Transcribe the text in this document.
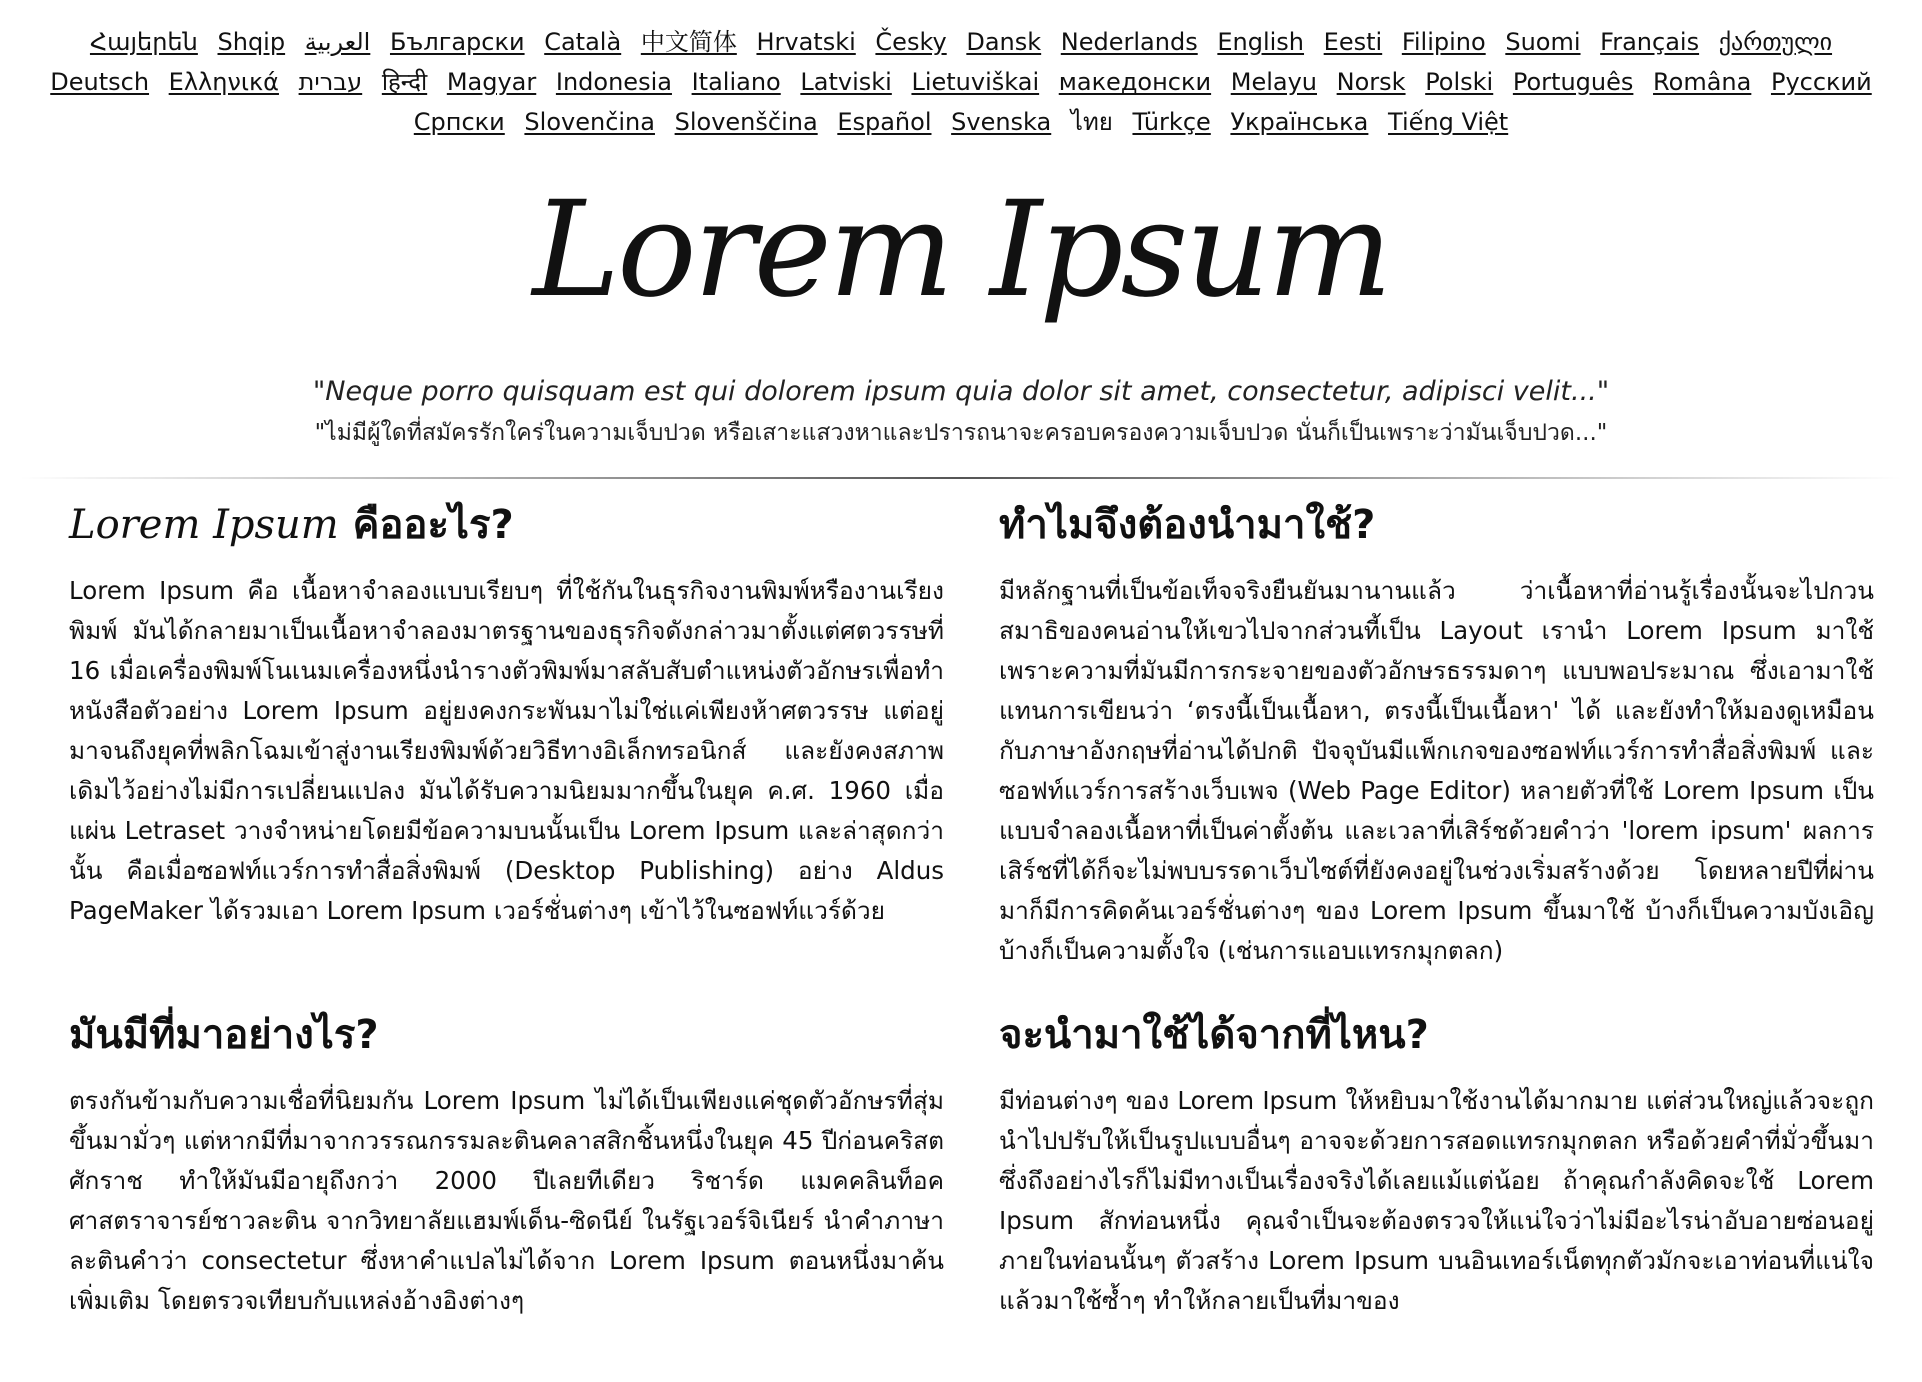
Հայերեն Shqip العربية Български Català 中文简体 Hrvatski Česky Dansk Nederlands English Eesti Filipino Suomi Français ქართული Deutsch Ελληνικά עברית हिन्दी Magyar Indonesia Italiano Latviski Lietuviškai македонски Melayu Norsk Polski Português Româna Pyccкий Српски Slovenčina Slovenščina Español Svenska ไทย Türkçe Українська Tiếng Việt
Lorem Ipsum
"Neque porro quisquam est qui dolorem ipsum quia dolor sit amet, consectetur, adipisci velit..."
"ไม่มีผู้ใดที่สมัครรักใคร่ในความเจ็บปวด หรือเสาะแสวงหาและปรารถนาจะครอบครองความเจ็บปวด นั่นก็เป็นเพราะว่ามันเจ็บปวด..."
Lorem Ipsum คืออะไร?

Lorem Ipsum คือ เนื้อหาจำลองแบบเรียบๆ ที่ใช้กันในธุรกิจงานพิมพ์หรืองานเรียงพิมพ์ มันได้กลายมาเป็นเนื้อหาจำลองมาตรฐานของธุรกิจดังกล่าวมาตั้งแต่ศตวรรษที่ 16 เมื่อเครื่องพิมพ์โนเนมเครื่องหนึ่งนำรางตัวพิมพ์มาสลับสับตำแหน่งตัวอักษรเพื่อทำหนังสือตัวอย่าง Lorem Ipsum อยู่ยงคงกระพันมาไม่ใช่แค่เพียงห้าศตวรรษ แต่อยู่มาจนถึงยุคที่พลิกโฉมเข้าสู่งานเรียงพิมพ์ด้วยวิธีทางอิเล็กทรอนิกส์ และยังคงสภาพเดิมไว้อย่างไม่มีการเปลี่ยนแปลง มันได้รับความนิยมมากขึ้นในยุค ค.ศ. 1960 เมื่อแผ่น Letraset วางจำหน่ายโดยมีข้อความบนนั้นเป็น Lorem Ipsum และล่าสุดกว่านั้น คือเมื่อซอฟท์แวร์การทำสื่อสิ่งพิมพ์ (Desktop Publishing) อย่าง Aldus PageMaker ได้รวมเอา Lorem Ipsum เวอร์ชั่นต่างๆ เข้าไว้ในซอฟท์แวร์ด้วย

ทำไมจึงต้องนำมาใช้?

มีหลักฐานที่เป็นข้อเท็จจริงยืนยันมานานแล้ว ว่าเนื้อหาที่อ่านรู้เรื่องนั้นจะไปกวนสมาธิของคนอ่านให้เขวไปจากส่วนที้เป็น Layout เรานำ Lorem Ipsum มาใช้เพราะความที่มันมีการกระจายของตัวอักษรธรรมดาๆ แบบพอประมาณ ซึ่งเอามาใช้แทนการเขียนว่า ‘ตรงนี้เป็นเนื้อหา, ตรงนี้เป็นเนื้อหา' ได้ และยังทำให้มองดูเหมือนกับภาษาอังกฤษที่อ่านได้ปกติ ปัจจุบันมีแพ็กเกจของซอฟท์แวร์การทำสื่อสิ่งพิมพ์ และซอฟท์แวร์การสร้างเว็บเพจ (Web Page Editor) หลายตัวที่ใช้ Lorem Ipsum เป็นแบบจำลองเนื้อหาที่เป็นค่าตั้งต้น และเวลาที่เสิร์ชด้วยคำว่า 'lorem ipsum' ผลการเสิร์ชที่ได้ก็จะไม่พบบรรดาเว็บไซต์ที่ยังคงอยู่ในช่วงเริ่มสร้างด้วย โดยหลายปีที่ผ่านมาก็มีการคิดค้นเวอร์ชั่นต่างๆ ของ Lorem Ipsum ขึ้นมาใช้ บ้างก็เป็นความบังเอิญ บ้างก็เป็นความตั้งใจ (เช่นการแอบแทรกมุกตลก)

มันมีที่มาอย่างไร?

ตรงกันข้ามกับความเชื่อที่นิยมกัน Lorem Ipsum ไม่ได้เป็นเพียงแค่ชุดตัวอักษรที่สุ่มขึ้นมามั่วๆ แต่หากมีที่มาจากวรรณกรรมละตินคลาสสิกชิ้นหนึ่งในยุค 45 ปีก่อนคริสตศักราช ทำให้มันมีอายุถึงกว่า 2000 ปีเลยทีเดียว ริชาร์ด แมคคลินท็อค ศาสตราจารย์ชาวละติน จากวิทยาลัยแฮมพ์เด็น-ซิดนีย์ ในรัฐเวอร์จิเนียร์ นำคำภาษาละตินคำว่า consectetur ซึ่งหาคำแปลไม่ได้จาก Lorem Ipsum ตอนหนึ่งมาค้นเพิ่มเติม โดยตรวจเทียบกับแหล่งอ้างอิงต่างๆ

จะนำมาใช้ได้จากที่ไหน?

มีท่อนต่างๆ ของ Lorem Ipsum ให้หยิบมาใช้งานได้มากมาย แต่ส่วนใหญ่แล้วจะถูกนำไปปรับให้เป็นรูปแบบอื่นๆ อาจจะด้วยการสอดแทรกมุกตลก หรือด้วยคำที่มั่วขึ้นมาซึ่งถึงอย่างไรก็ไม่มีทางเป็นเรื่องจริงได้เลยแม้แต่น้อย ถ้าคุณกำลังคิดจะใช้ Lorem Ipsum สักท่อนหนึ่ง คุณจำเป็นจะต้องตรวจให้แน่ใจว่าไม่มีอะไรน่าอับอายซ่อนอยู่ภายในท่อนนั้นๆ ตัวสร้าง Lorem Ipsum บนอินเทอร์เน็ตทุกตัวมักจะเอาท่อนที่แน่ใจแล้วมาใช้ซ้ำๆ ทำให้กลายเป็นที่มาของ
